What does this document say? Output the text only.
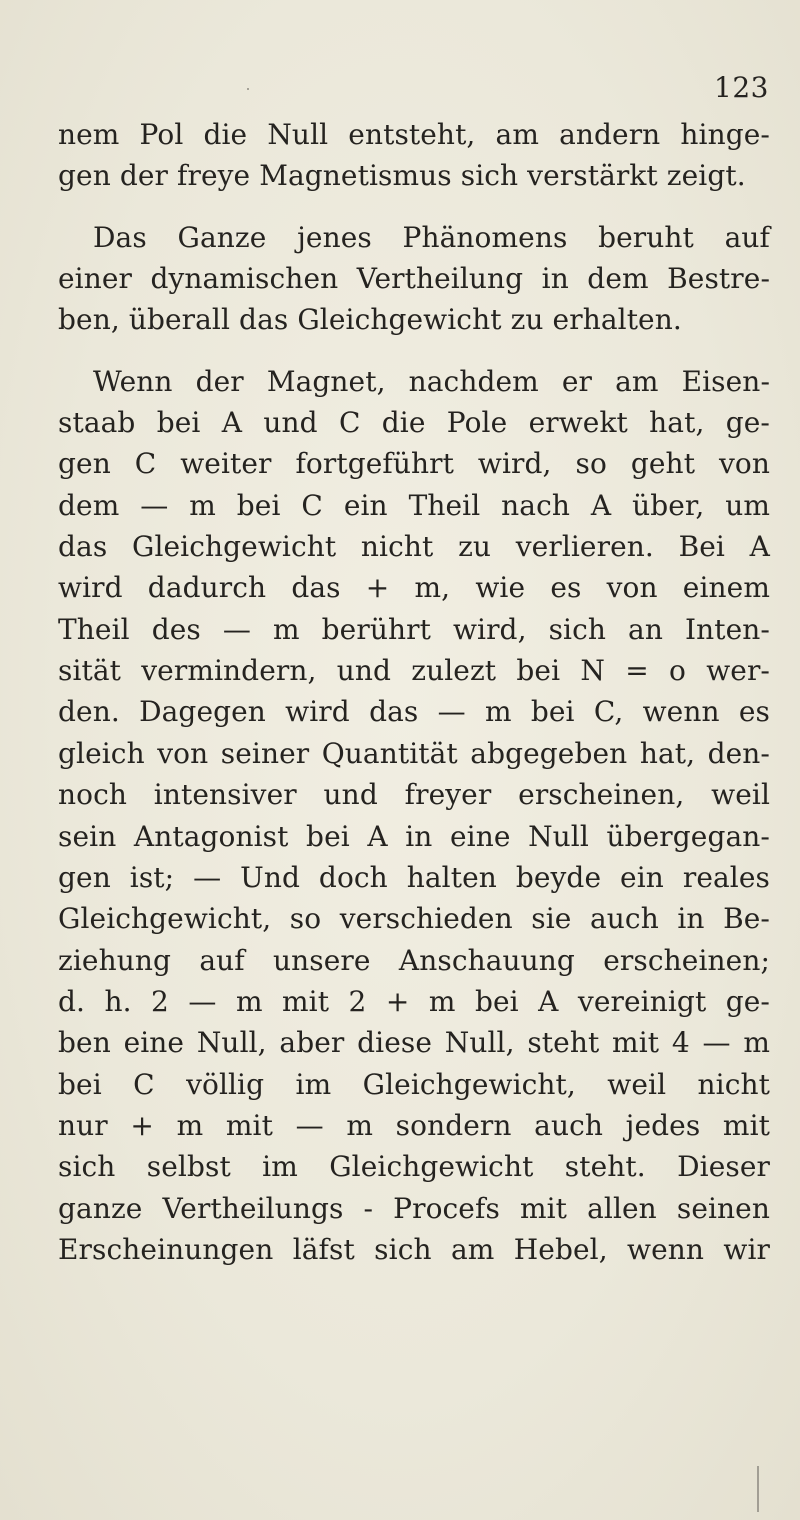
123
nem Pol die Null entsteht, am andern hinge-
gen der freye Magnetismus sich verstärkt zeigt.
Das Ganze jenes Phänomens beruht auf
einer dynamischen Vertheilung in dem Bestre-
ben, überall das Gleichgewicht zu erhalten.
Wenn der Magnet, nachdem er am Eisen-
staab bei A und C die Pole erwekt hat, ge-
gen C weiter fortgeführt wird, so geht von
dem — m bei C ein Theil nach A über, um
das Gleichgewicht nicht zu verlieren. Bei A
wird dadurch das + m, wie es von einem
Theil des — m berührt wird, sich an Inten-
sität vermindern, und zulezt bei N = o wer-
den. Dagegen wird das — m bei C, wenn es
gleich von seiner Quantität abgegeben hat, den-
noch intensiver und freyer erscheinen, weil
sein Antagonist bei A in eine Null übergegan-
gen ist; — Und doch halten beyde ein reales
Gleichgewicht, so verschieden sie auch in Be-
ziehung auf unsere Anschauung erscheinen;
d. h. 2 — m mit 2 + m bei A vereinigt ge-
ben eine Null, aber diese Null, steht mit 4 — m
bei C völlig im Gleichgewicht, weil nicht
nur + m mit — m sondern auch jedes mit
sich selbst im Gleichgewicht steht. Dieser
ganze Vertheilungs - Procefs mit allen seinen
Erscheinungen läfst sich am Hebel, wenn wir
